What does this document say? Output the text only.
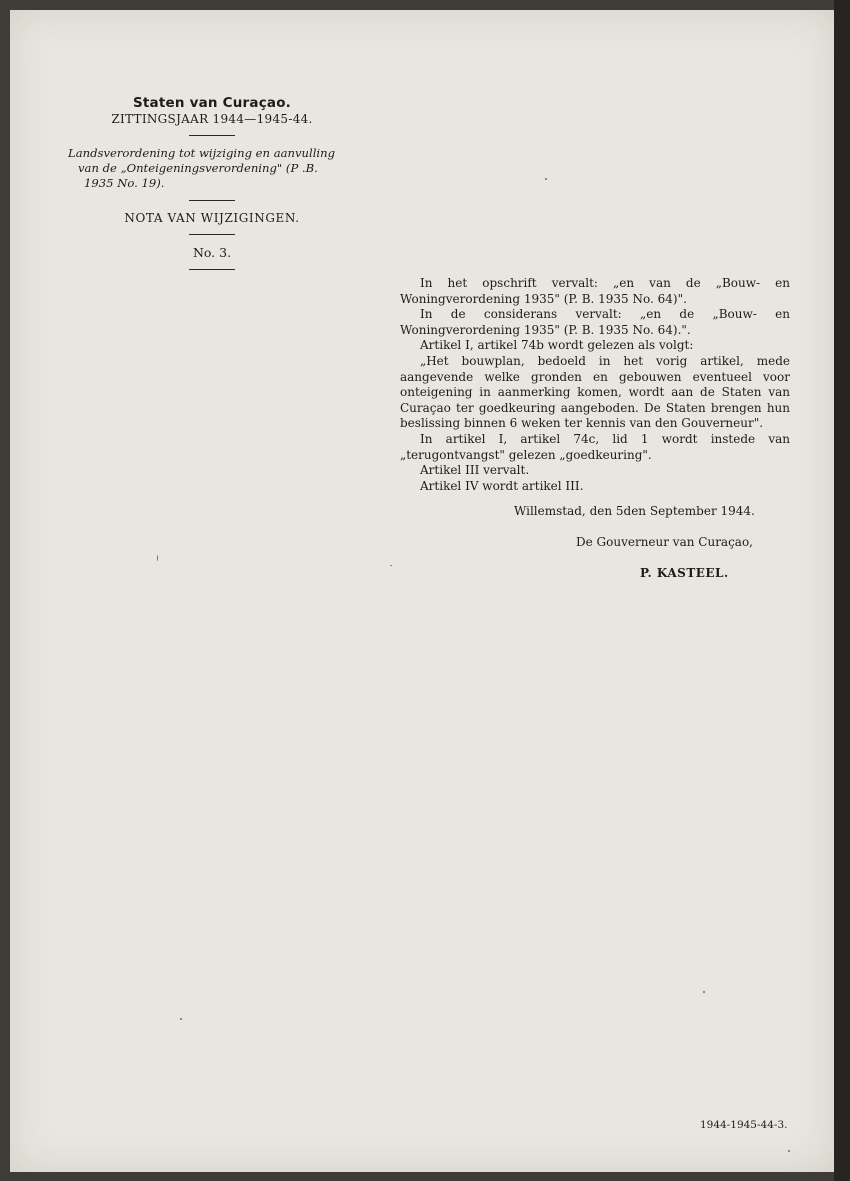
Staten van Curaçao.
ZITTINGSJAAR 1944—1945-44.
Landsverordening tot wijziging en aanvulling
van de „Onteigeningsverordening" (P .B.
1935 No. 19).
NOTA VAN WIJZIGINGEN.
No. 3.

In het opschrift vervalt: „en van de „Bouw- en Woningverordening 1935" (P. B. 1935 No. 64)".

In de considerans vervalt: „en de „Bouw- en Woningverordening 1935" (P. B. 1935 No. 64).".

Artikel I, artikel 74b wordt gelezen als volgt:

„Het bouwplan, bedoeld in het vorig artikel, mede aangevende welke gronden en gebouwen eventueel voor onteigening in aanmerking komen, wordt aan de Staten van Curaçao ter goedkeuring aangeboden. De Staten brengen hun beslissing binnen 6 weken ter kennis van den Gouverneur".

In artikel I, artikel 74c, lid 1 wordt instede van „terugontvangst" gelezen „goedkeuring".

Artikel III vervalt.

Artikel IV wordt artikel III.

Willemstad, den 5den September 1944.
De Gouverneur van Curaçao,
P. KASTEEL.
1944-1945-44-3.
